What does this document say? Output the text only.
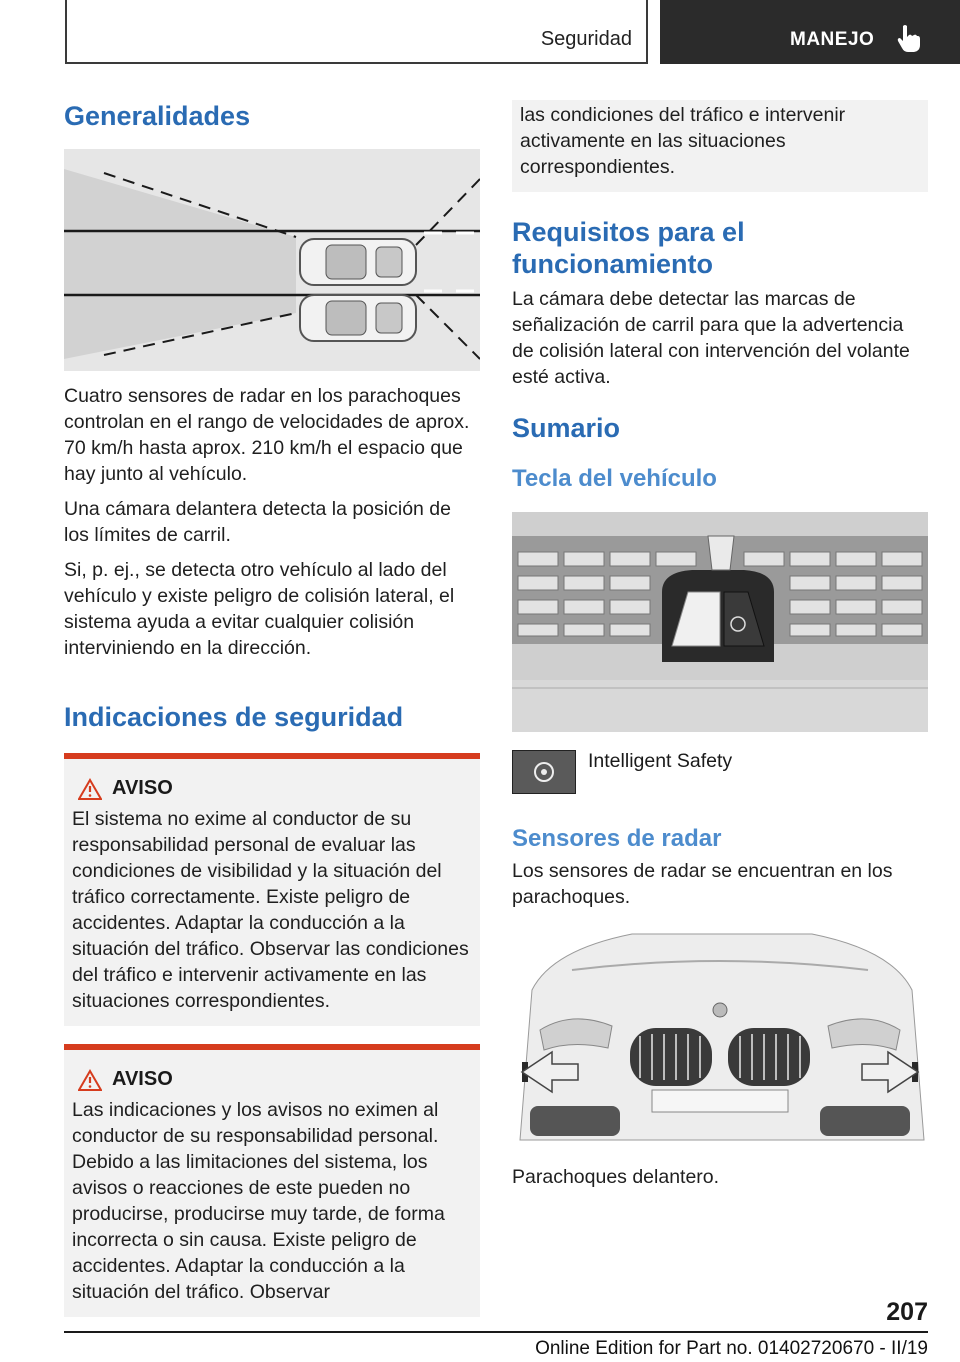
Seguridad	MANEJO
Generalidades

Cuatro sensores de radar en los parachoques controlan en el rango de velocidades de aprox. 70 km/h hasta aprox. 210 km/h el espacio que hay junto al vehículo.

Una cámara delantera detecta la posición de los límites de carril.

Si, p. ej., se detecta otro vehículo al lado del vehículo y existe peligro de colisión lateral, el sistema ayuda a evitar cualquier colisión interviniendo en la dirección.

Indicaciones de seguridad
AVISO

El sistema no exime al conductor de su responsabilidad personal de evaluar las condiciones de visibilidad y la situación del tráfico correctamente. Existe peligro de accidentes. Adaptar la conducción a la situación del tráfico. Observar las condiciones del tráfico e intervenir activamente en las situaciones correspondientes.

AVISO

Las indicaciones y los avisos no eximen al conductor de su responsabilidad personal. Debido a las limitaciones del sistema, los avisos o reacciones de este pueden no producirse, producirse muy tarde, de forma incorrecta o sin causa. Existe peligro de accidentes. Adaptar la conducción a la situación del tráfico. Observar

las condiciones del tráfico e intervenir activamente en las situaciones correspondientes.

Requisitos para el funcionamiento

La cámara debe detectar las marcas de señalización de carril para que la advertencia de colisión lateral con intervención del volante esté activa.

Sumario
Tecla del vehículo
Intelligent Safety
Sensores de radar

Los sensores de radar se encuentran en los parachoques.

Parachoques delantero.

207
Online Edition for Part no. 01402720670 - II/19
